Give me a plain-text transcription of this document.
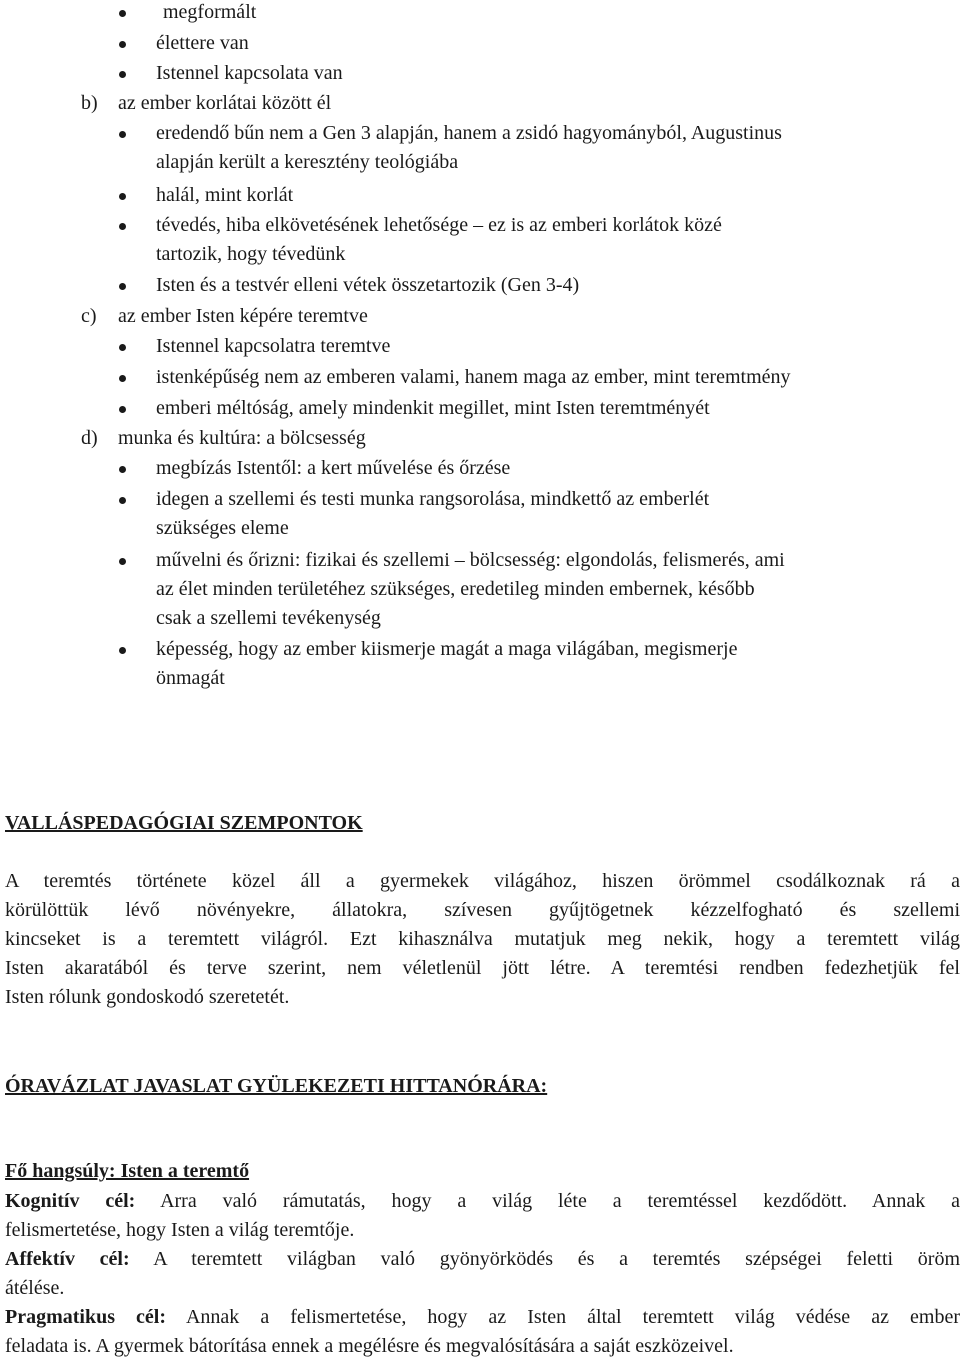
megformált
élettere van
Istennel kapcsolata van
b) az ember korlátai között él
eredendő bűn nem a Gen 3 alapján, hanem a zsidó hagyományból, Augustinus
alapján került a keresztény teológiába
halál, mint korlát
tévedés, hiba elkövetésének lehetősége – ez is az emberi korlátok közé
tartozik, hogy tévedünk
Isten és a testvér elleni vétek összetartozik (Gen 3-4)
c) az ember Isten képére teremtve
Istennel kapcsolatra teremtve
istenképűség nem az emberen valami, hanem maga az ember, mint teremtmény
emberi méltóság, amely mindenkit megillet, mint Isten teremtményét
d) munka és kultúra: a bölcsesség
megbízás Istentől: a kert művelése és őrzése
idegen a szellemi és testi munka rangsorolása, mindkettő az emberlét
szükséges eleme
művelni és őrizni: fizikai és szellemi – bölcsesség: elgondolás, felismerés, ami
az élet minden területéhez szükséges, eredetileg minden embernek, később
csak a szellemi tevékenység
képesség, hogy az ember kiismerje magát a maga világában, megismerje
önmagát
VALLÁSPEDAGÓGIAI SZEMPONTOK

A teremtés története közel áll a gyermekek világához, hiszen örömmel csodálkoznak rá a

körülöttük lévő növényekre, állatokra, szívesen gyűjtögetnek kézzelfogható és szellemi

kincseket is a teremtett világról. Ezt kihasználva mutatjuk meg nekik, hogy a teremtett világ

Isten akaratából és terve szerint, nem véletlenül jött létre. A teremtési rendben fedezhetjük fel

Isten rólunk gondoskodó szeretetét.

ÓRAVÁZLAT JAVASLAT GYÜLEKEZETI HITTANÓRÁRA:
Fő hangsúly: Isten a teremtő

Kognitív cél: Arra való rámutatás, hogy a világ léte a teremtéssel kezdődött. Annak a

felismertetése, hogy Isten a világ teremtője.

Affektív cél: A teremtett világban való gyönyörködés és a teremtés szépségei feletti öröm

átélése.

Pragmatikus cél: Annak a felismertetése, hogy az Isten által teremtett világ védése az ember

feladata is. A gyermek bátorítása ennek a megélésre és megvalósítására a saját eszközeivel.
